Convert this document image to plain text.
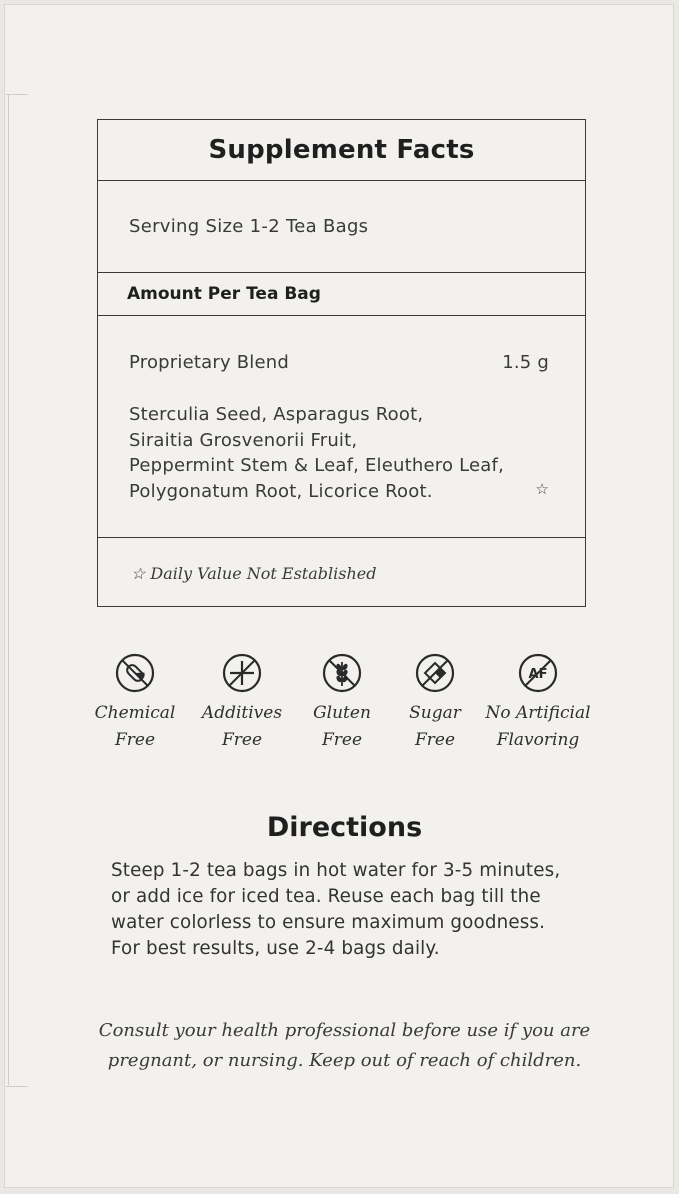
Supplement Facts
Serving Size 1-2 Tea Bags
Amount Per Tea Bag
Proprietary Blend	1.5 g
Sterculia Seed, Asparagus Root,
Siraitia Grosvenorii Fruit,
Peppermint Stem & Leaf, Eleuthero Leaf,
Polygonatum Root, Licorice Root.	☆
☆ Daily Value Not Established
Chemical
Free
Additives
Free
Gluten
Free
Sugar
Free
AF
No Artificial
Flavoring
Directions
Steep 1-2 tea bags in hot water for 3-5 minutes,
or add ice for iced tea. Reuse each bag till the
water colorless to ensure maximum goodness.
For best results, use 2-4 bags daily.
Consult your health professional before use if you are
pregnant, or nursing. Keep out of reach of children.
